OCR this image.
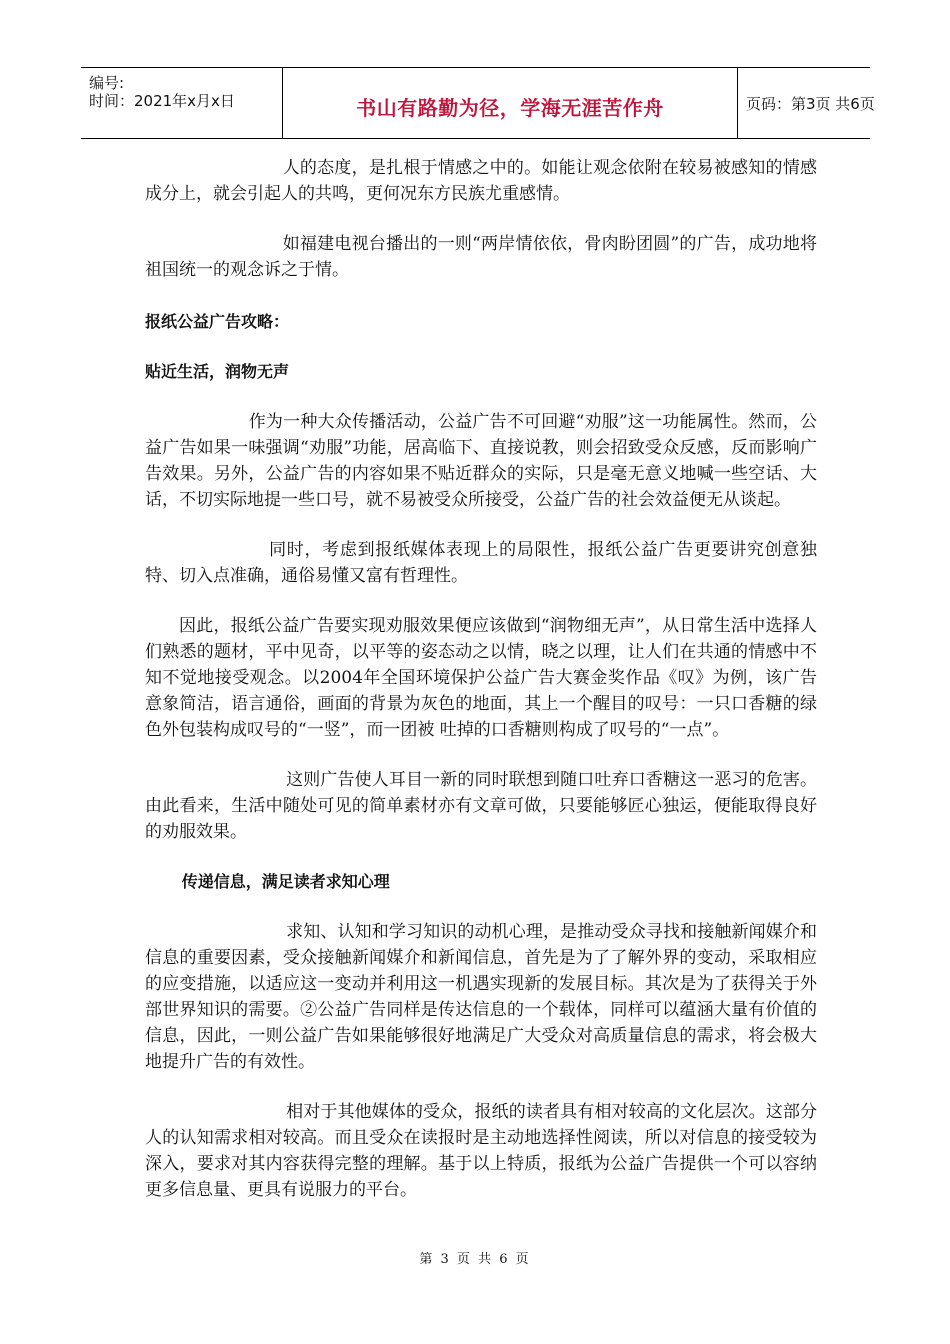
编号:
时间：2021年x月x日	书山有路勤为径，学海无涯苦作舟	页码：第3页 共6页

人的态度，是扎根于情感之中的。如能让观念依附在较易被感知的情感成分上，就会引起人的共鸣，更何况东方民族尤重感情。

如福建电视台播出的一则“两岸情依依，骨肉盼团圆”的广告，成功地将祖国统一的观念诉之于情。

报纸公益广告攻略：

贴近生活，润物无声

作为一种大众传播活动，公益广告不可回避“劝服”这一功能属性。然而，公益广告如果一味强调“劝服”功能，居高临下、直接说教，则会招致受众反感，反而影响广告效果。另外，公益广告的内容如果不贴近群众的实际，只是毫无意义地喊一些空话、大话，不切实际地提一些口号，就不易被受众所接受，公益广告的社会效益便无从谈起。

同时，考虑到报纸媒体表现上的局限性，报纸公益广告更要讲究创意独特、切入点准确，通俗易懂又富有哲理性。

因此，报纸公益广告要实现劝服效果便应该做到“润物细无声”，从日常生活中选择人们熟悉的题材，平中见奇，以平等的姿态动之以情，晓之以理，让人们在共通的情感中不知不觉地接受观念。以2004年全国环境保护公益广告大赛金奖作品《叹》为例，该广告意象简洁，语言通俗，画面的背景为灰色的地面，其上一个醒目的叹号：一只口香糖的绿色外包装构成叹号的“一竖”，而一团被 吐掉的口香糖则构成了叹号的“一点”。

这则广告使人耳目一新的同时联想到随口吐弃口香糖这一恶习的危害。由此看来，生活中随处可见的简单素材亦有文章可做，只要能够匠心独运，便能取得良好的劝服效果。

传递信息，满足读者求知心理

求知、认知和学习知识的动机心理，是推动受众寻找和接触新闻媒介和信息的重要因素，受众接触新闻媒介和新闻信息，首先是为了了解外界的变动，采取相应的应变措施，以适应这一变动并利用这一机遇实现新的发展目标。其次是为了获得关于外部世界知识的需要。②公益广告同样是传达信息的一个载体，同样可以蕴涵大量有价值的信息，因此，一则公益广告如果能够很好地满足广大受众对高质量信息的需求，将会极大地提升广告的有效性。

相对于其他媒体的受众，报纸的读者具有相对较高的文化层次。这部分人的认知需求相对较高。而且受众在读报时是主动地选择性阅读，所以对信息的接受较为深入，要求对其内容获得完整的理解。基于以上特质，报纸为公益广告提供一个可以容纳更多信息量、更具有说服力的平台。

第 3 页 共 6 页
